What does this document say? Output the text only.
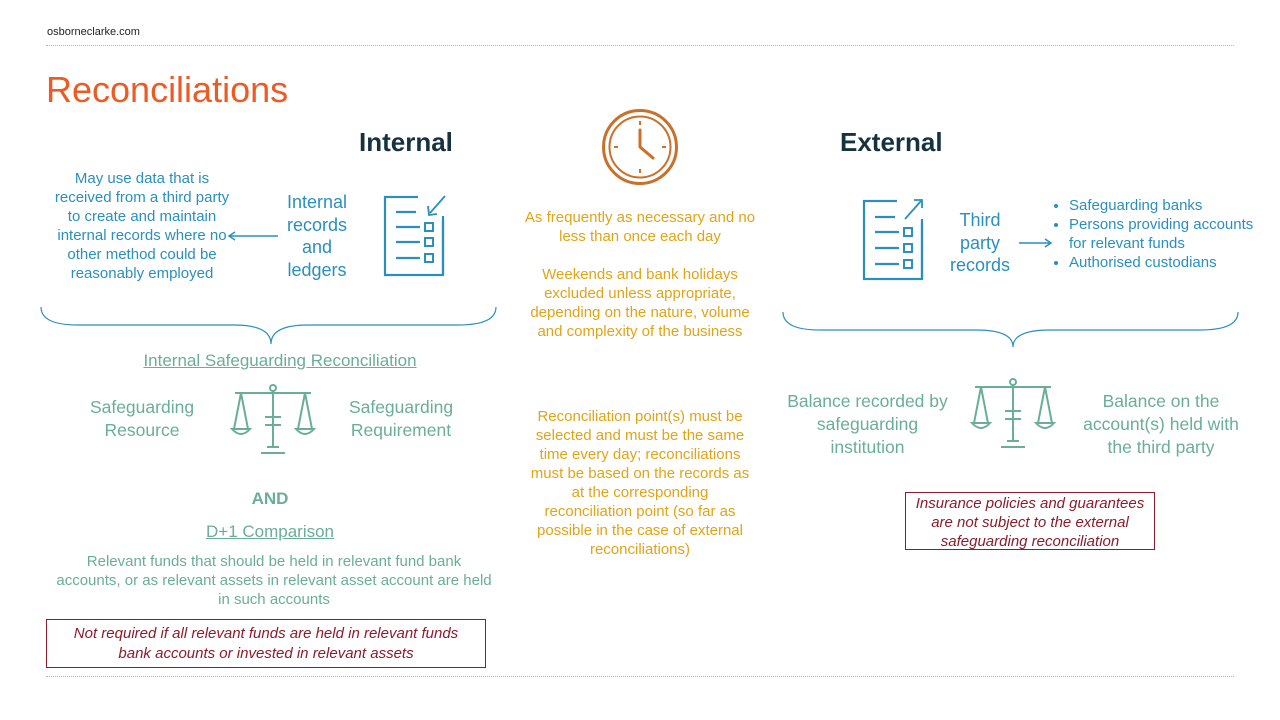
osborneclarke.com
Reconciliations
Internal
May use data that is received from a third party to create and maintain internal records where no other method could be reasonably employed
Internal records and ledgers
Internal Safeguarding Reconciliation
Safeguarding Resource
Safeguarding Requirement
AND
D+1 Comparison
Relevant funds that should be held in relevant fund bank accounts, or as relevant assets in relevant asset account are held in such accounts
Not required if all relevant funds are held in relevant funds bank accounts or invested in relevant assets
As frequently as necessary and no less than once each day
Weekends and bank holidays excluded unless appropriate, depending on the nature, volume and complexity of the business
Reconciliation point(s) must be selected and must be the same time every day; reconciliations must be based on the records as at the corresponding reconciliation point (so far as possible in the case of external reconciliations)
External
Third party records
• Safeguarding banks
• Persons providing accounts for relevant funds
• Authorised custodians
Balance recorded by safeguarding institution
Balance on the account(s) held with the third party
Insurance policies and guarantees are not subject to the external safeguarding reconciliation
